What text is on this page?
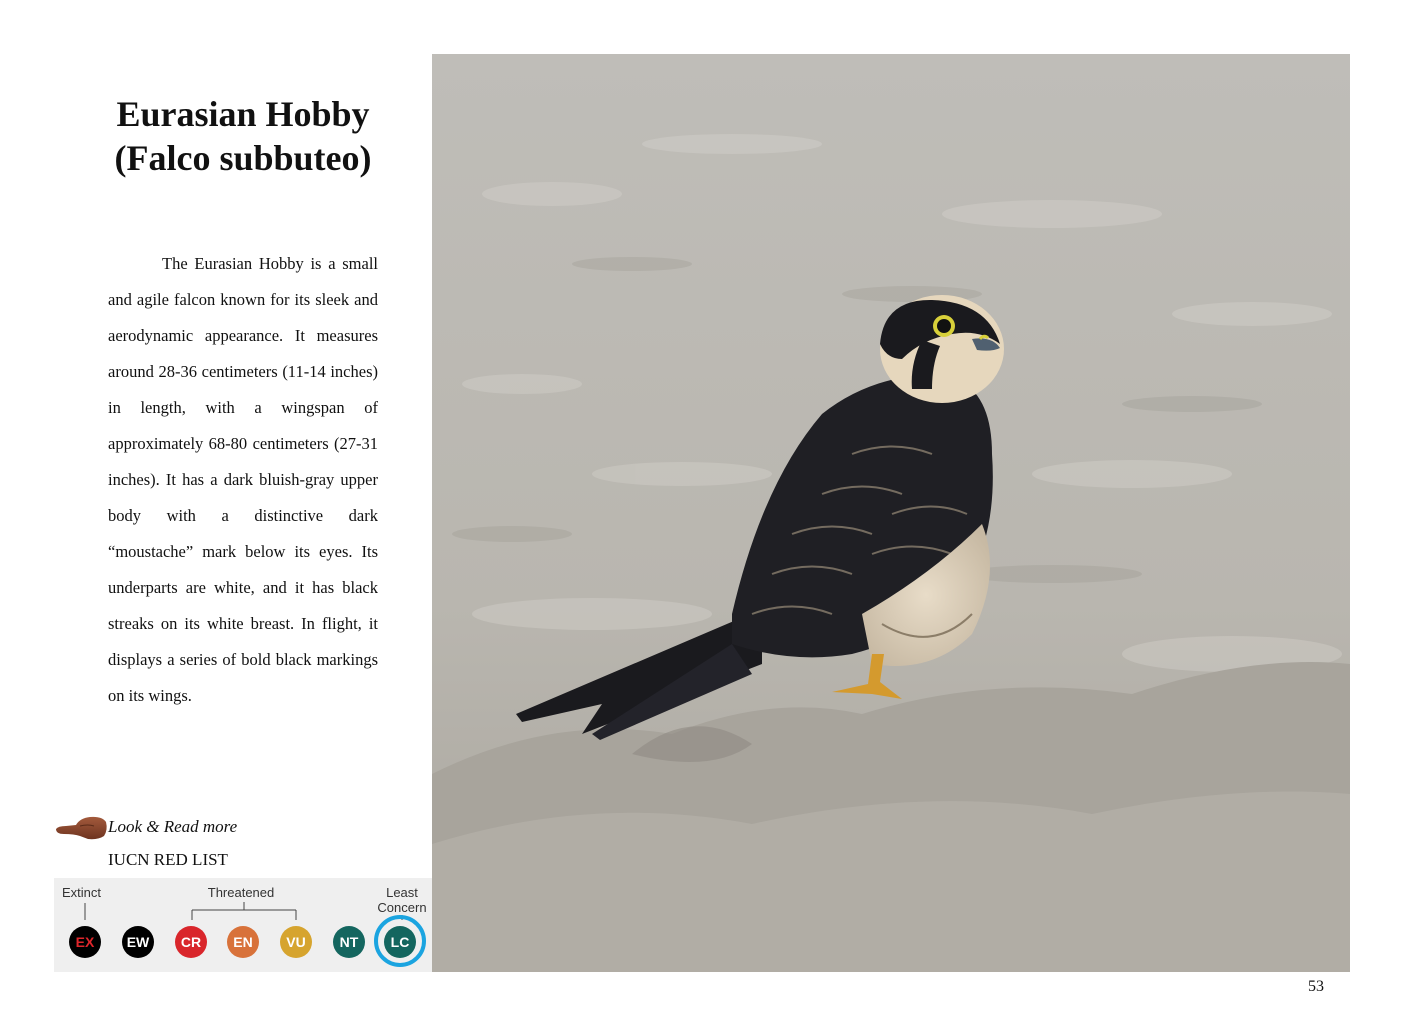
Eurasian Hobby
(Falco subbuteo)

The Eurasian Hobby is a small and agile falcon known for its sleek and aerodynamic appearance. It measures around 28-36 centimeters (11-14 inches) in length, with a wingspan of approximately 68-80 centimeters (27-31 inches). It has a dark bluish-gray upper body with a distinctive dark “moustache” mark below its eyes. Its underparts are white, and it has black streaks on its white breast. In flight, it displays a series of bold black markings on its wings.

Look & Read more
IUCN RED LIST
Extinct	Threatened	Least
Concern
EX	EW	CR	EN	VU	NT	LC
53
